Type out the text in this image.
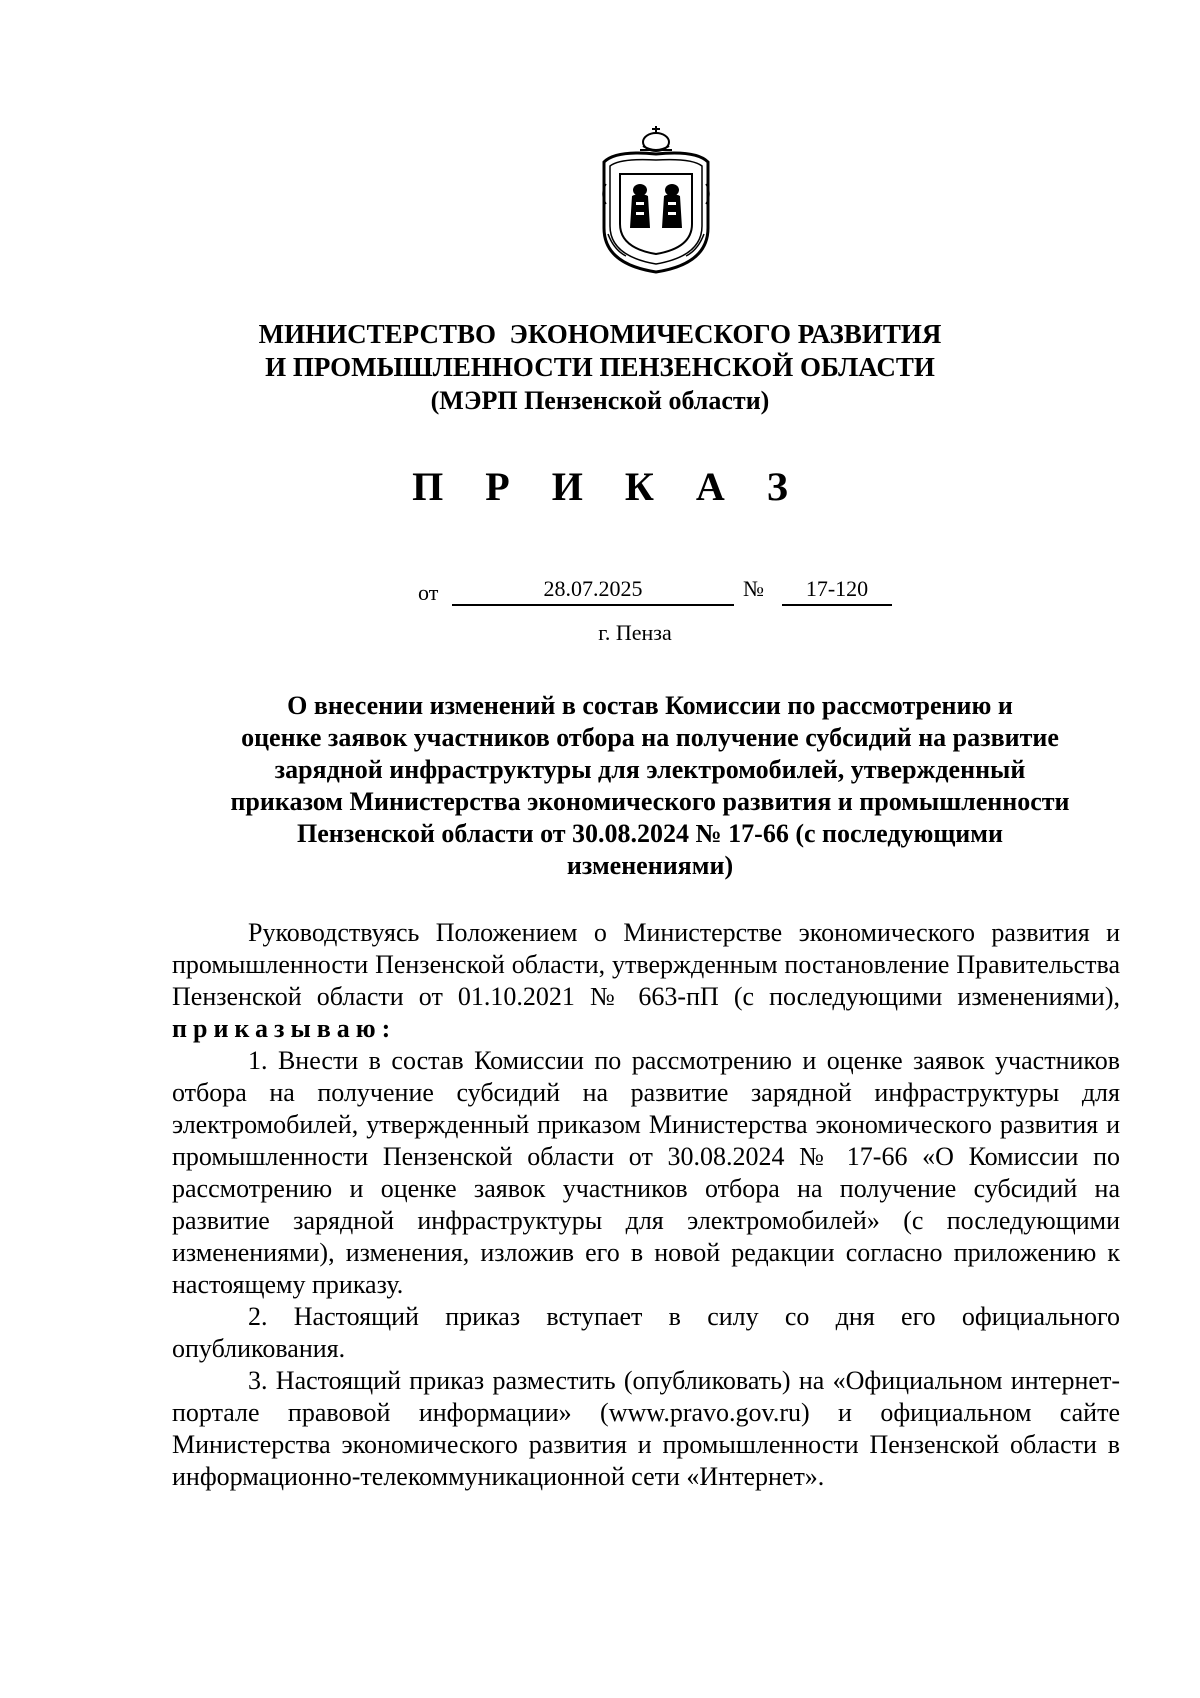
МИНИСТЕРСТВО  ЭКОНОМИЧЕСКОГО РАЗВИТИЯ
И ПРОМЫШЛЕННОСТИ ПЕНЗЕНСКОЙ ОБЛАСТИ
(МЭРП Пензенской области)
П Р И К А З
от	28.07.2025	№	17-120
г. Пенза
О внесении изменений в состав Комиссии по рассмотрению и
оценке заявок участников отбора на получение субсидий на развитие
зарядной инфраструктуры для электромобилей, утвержденный
приказом Министерства экономического развития и промышленности
Пензенской области от 30.08.2024 № 17-66 (с последующими
изменениями)

Руководствуясь Положением о Министерстве экономического развития и промышленности Пензенской области, утвержденным постановление Правительства Пензенской области от 01.10.2021 № 663-пП (с последующими изменениями), приказываю:

1. Внести в состав Комиссии по рассмотрению и оценке заявок участников отбора на получение субсидий на развитие зарядной инфраструктуры для электромобилей, утвержденный приказом Министерства экономического развития и промышленности Пензенской области от 30.08.2024 № 17-66 «О Комиссии по рассмотрению и оценке заявок участников отбора на получение субсидий на развитие зарядной инфраструктуры для электромобилей» (с последующими изменениями), изменения, изложив его в новой редакции согласно приложению к настоящему приказу.

2. Настоящий приказ вступает в силу со дня его официального опубликования.

3. Настоящий приказ разместить (опубликовать) на «Официальном интернет-портале правовой информации» (www.pravo.gov.ru) и официальном сайте Министерства экономического развития и промышленности Пензенской области в информационно-телекоммуникационной сети «Интернет».
